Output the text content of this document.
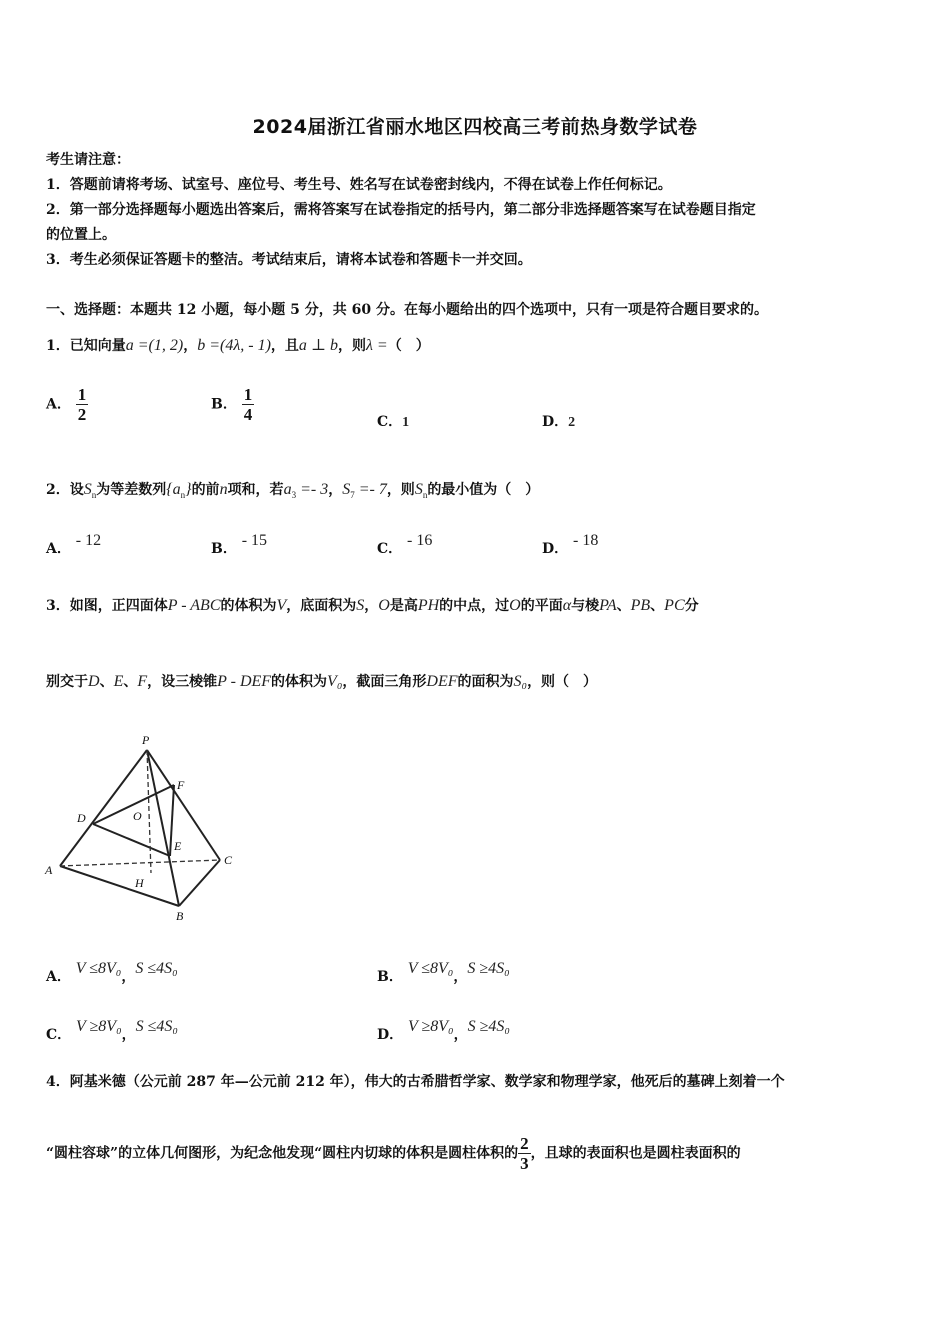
2024届浙江省丽水地区四校高三考前热身数学试卷
考生请注意：
1．答题前请将考场、试室号、座位号、考生号、姓名写在试卷密封线内，不得在试卷上作任何标记。
2．第一部分选择题每小题选出答案后，需将答案写在试卷指定的括号内，第二部分非选择题答案写在试卷题目指定
的位置上。
3．考生必须保证答题卡的整洁。考试结束后，请将本试卷和答题卡一并交回。
一、选择题：本题共 12 小题，每小题 5 分，共 60 分。在每小题给出的四个选项中，只有一项是符合题目要求的。
1．已知向量a =(1, 2)，b =(4λ, - 1)，且a ⊥ b，则λ =（　）
A． $\frac{1}{2}$	B． $\frac{1}{4}$	C．1	D．2
2．设$S_n$为等差数列$\{a_n\}$的前n项和，若$a_3 =- 3$，$S_7 =- 7$，则$S_n$的最小值为（　）
A． - 12	B． - 15	C． - 16	D． - 18
3．如图，正四面体P - ABC的体积为V，底面积为S，O是高PH的中点，过O的平面α与棱PA、PB、PC分
别交于D、E、F，设三棱锥P - DEF的体积为V₀，截面三角形DEF的面积为S₀，则（　）
P
F
D	O
E
A
C
H
B
A． V ≤8V₀，S ≤4S₀	B． V ≤8V₀，S ≥4S₀
C． V ≥8V₀，S ≤4S₀	D． V ≥8V₀，S ≥4S₀
4．阿基米德（公元前 287 年—公元前 212 年），伟大的古希腊哲学家、数学家和物理学家，他死后的墓碑上刻着一个
“圆柱容球”的立体几何图形，为纪念他发现“圆柱内切球的体积是圆柱体积的 $\frac{2}{3}$ ，且球的表面积也是圆柱表面积的
